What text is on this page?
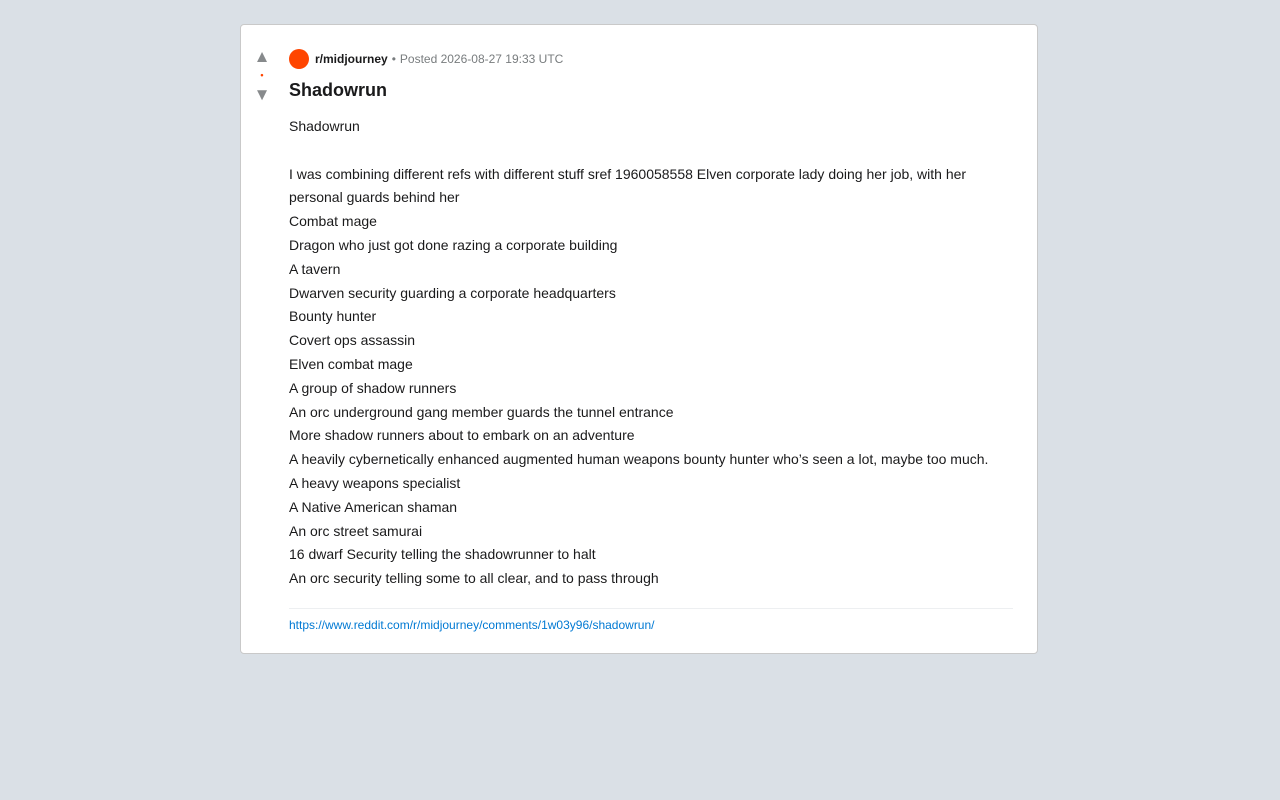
▲
•
▼
r/midjourney • Posted 2026-08-27 19:33 UTC
Shadowrun
Shadowrun

I was combining different refs with different stuff sref 1960058558 Elven corporate lady doing her job, with her personal guards behind her
Combat mage
Dragon who just got done razing a corporate building
A tavern
Dwarven security guarding a corporate headquarters
Bounty hunter
Covert ops assassin
Elven combat mage
A group of shadow runners
An orc underground gang member guards the tunnel entrance
More shadow runners about to embark on an adventure
A heavily cybernetically enhanced augmented human weapons bounty hunter who’s seen a lot, maybe too much.
A heavy weapons specialist
A Native American shaman
An orc street samurai
16 dwarf Security telling the shadowrunner to halt
An orc security telling some to all clear, and to pass through
https://www.reddit.com/r/midjourney/comments/1w03y96/shadowrun/
